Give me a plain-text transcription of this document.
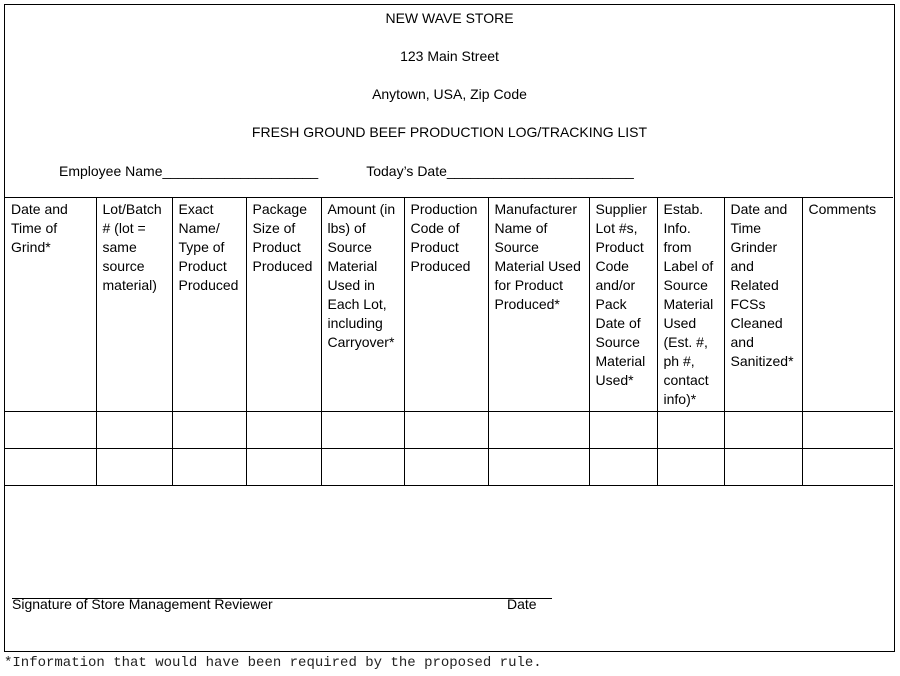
NEW WAVE STORE
123 Main Street
Anytown, USA, Zip Code
FRESH GROUND BEEF PRODUCTION LOG/TRACKING LIST
Employee Name____________________	Today’s Date________________________
Date and Time of Grind*	Lot/Batch # (lot = same source material)	Exact Name/ Type of Product Produced	Package Size of Product Produced	Amount (in lbs) of Source Material Used in Each Lot, including Carryover*	Production Code of Product Produced	Manufacturer Name of Source Material Used for Product Produced*	Supplier Lot #s, Product Code and/or Pack Date of Source Material Used*	Estab. Info. from Label of Source Material Used (Est. #, ph #, contact info)*	Date and Time Grinder and Related FCSs Cleaned and Sanitized*	Comments

Signature of Store Management Reviewer	Date
*Information that would have been required by the proposed rule.
